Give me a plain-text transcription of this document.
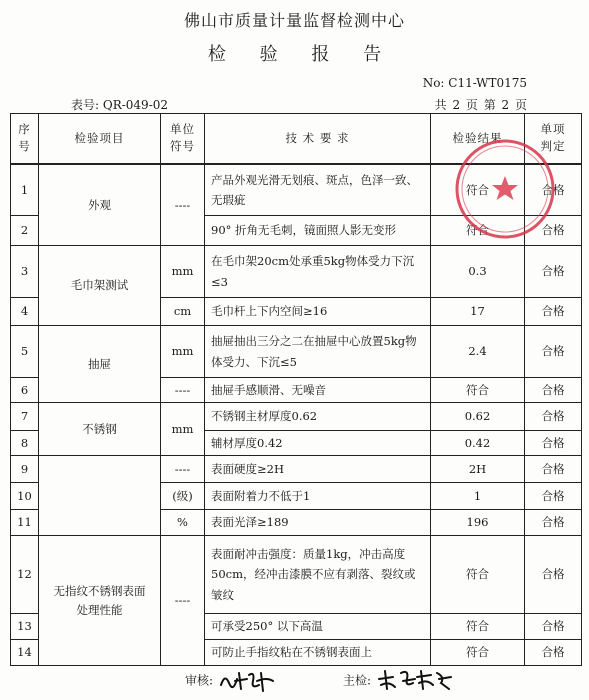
佛山市质量计量监督检测中心
检 验 报 告
No: C11-WT0175
表号: QR-049-02	共 2 页 第 2 页
序号	检验项目	单位符号	技 术 要 求	检验结果	单项判定
1	外观	----	产品外观光滑无划痕、斑点，色泽一致、无瑕疵	符合	合格
2			90° 折角无毛刺，镜面照人影无变形	符合	合格
3	毛巾架测试	mm	在毛巾架20cm处承重5kg物体受力下沉≤3	0.3	合格
4		cm	毛巾杆上下内空间≥16	17	合格
5	抽屉	mm	抽屉抽出三分之二在抽屉中心放置5kg物体受力、下沉≤5	2.4	合格
6		----	抽屉手感顺滑、无噪音	符合	合格
7	不锈钢	mm	不锈钢主材厚度0.62	0.62	合格
8			辅材厚度0.42	0.42	合格
9		----	表面硬度≥2H	2H	合格
10		(级)	表面附着力不低于1	1	合格
11		%	表面光泽≥189	196	合格
12	无指纹不锈钢表面处理性能	----	表面耐冲击强度：质量1kg，冲击高度50cm，经冲击漆膜不应有剥落、裂纹或皱纹	符合	合格
13			可承受250° 以下高温	符合	合格
14			可防止手指纹粘在不锈钢表面上	符合	合格
审核:	主检:
